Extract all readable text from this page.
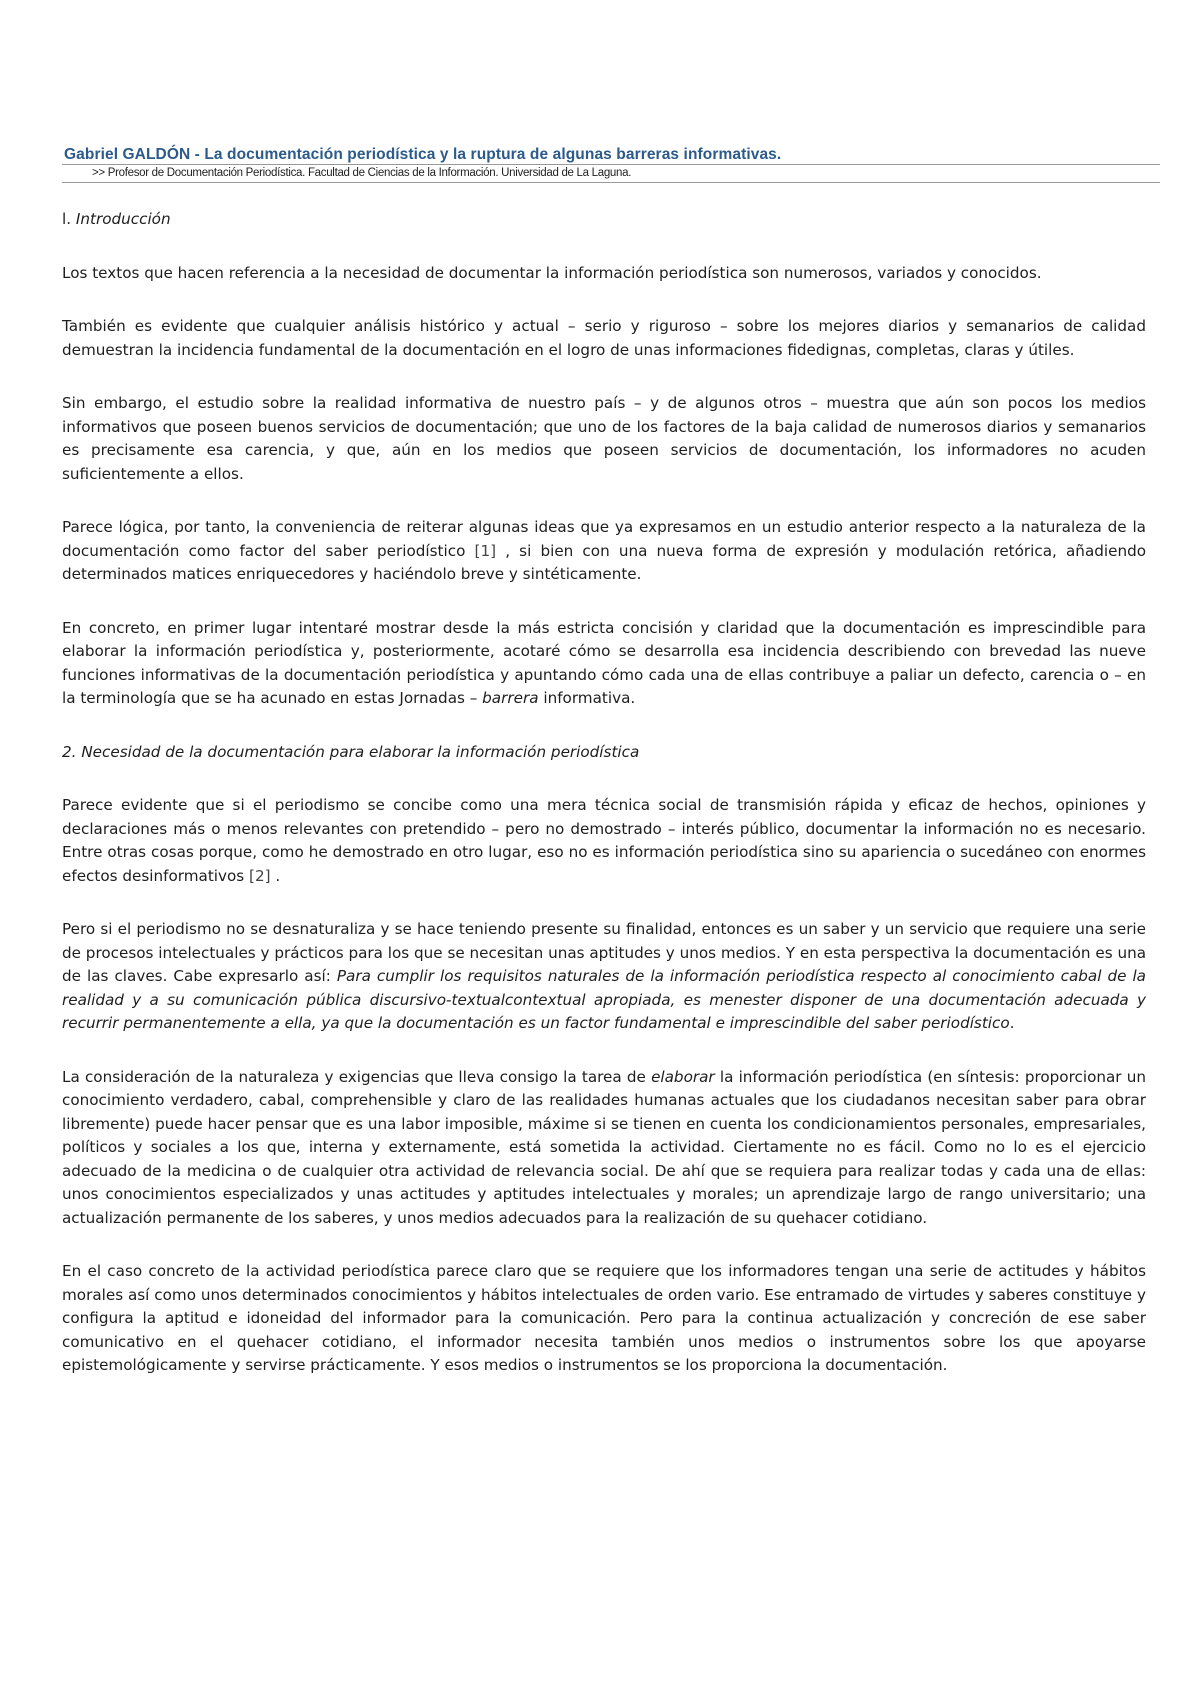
Gabriel GALDÓN - La documentación periodística y la ruptura de algunas barreras informativas.
>> Profesor de Documentación Periodística. Facultad de Ciencias de la Información. Universidad de La Laguna.
l. Introducción

Los textos que hacen referencia a la necesidad de documentar la información periodística son numerosos, variados y conocidos.

También es evidente que cualquier análisis histórico y actual – serio y riguroso – sobre los mejores diarios y semanarios de calidad demuestran la incidencia fundamental de la documentación en el logro de unas informaciones fidedignas, completas, claras y útiles.

Sin embargo, el estudio sobre la realidad informativa de nuestro país – y de algunos otros – muestra que aún son pocos los medios informativos que poseen buenos servicios de documentación; que uno de los factores de la baja calidad de numerosos diarios y semanarios es precisamente esa carencia, y que, aún en los medios que poseen servicios de documentación, los informadores no acuden suficientemente a ellos.

Parece lógica, por tanto, la conveniencia de reiterar algunas ideas que ya expresamos en un estudio anterior respecto a la naturaleza de la documentación como factor del saber periodístico [1] , si bien con una nueva forma de expresión y modulación retórica, añadiendo determinados matices enriquecedores y haciéndolo breve y sintéticamente.

En concreto, en primer lugar intentaré mostrar desde la más estricta concisión y claridad que la documentación es imprescindible para elaborar la información periodística y, posteriormente, acotaré cómo se desarrolla esa incidencia describiendo con brevedad las nueve funciones informativas de la documentación periodística y apuntando cómo cada una de ellas contribuye a paliar un defecto, carencia o – en la terminología que se ha acunado en estas Jornadas – barrera informativa.

2. Necesidad de la documentación para elaborar la información periodística

Parece evidente que si el periodismo se concibe como una mera técnica social de transmisión rápida y eficaz de hechos, opiniones y declaraciones más o menos relevantes con pretendido – pero no demostrado – interés público, documentar la información no es necesario. Entre otras cosas porque, como he demostrado en otro lugar, eso no es información periodística sino su apariencia o sucedáneo con enormes efectos desinformativos [2] .

Pero si el periodismo no se desnaturaliza y se hace teniendo presente su finalidad, entonces es un saber y un servicio que requiere una serie de procesos intelectuales y prácticos para los que se necesitan unas aptitudes y unos medios. Y en esta perspectiva la documentación es una de las claves. Cabe expresarlo así: Para cumplir los requisitos naturales de la información periodística respecto al conocimiento cabal de la realidad y a su comunicación pública discursivo-textualcontextual apropiada, es menester disponer de una documentación adecuada y recurrir permanentemente a ella, ya que la documentación es un factor fundamental e imprescindible del saber periodístico.

La consideración de la naturaleza y exigencias que lleva consigo la tarea de elaborar la información periodística (en síntesis: proporcionar un conocimiento verdadero, cabal, comprehensible y claro de las realidades humanas actuales que los ciudadanos necesitan saber para obrar libremente) puede hacer pensar que es una labor imposible, máxime si se tienen en cuenta los condicionamientos personales, empresariales, políticos y sociales a los que, interna y externamente, está sometida la actividad. Ciertamente no es fácil. Como no lo es el ejercicio adecuado de la medicina o de cualquier otra actividad de relevancia social. De ahí que se requiera para realizar todas y cada una de ellas: unos conocimientos especializados y unas actitudes y aptitudes intelectuales y morales; un aprendizaje largo de rango universitario; una actualización permanente de los saberes, y unos medios adecuados para la realización de su quehacer cotidiano.

En el caso concreto de la actividad periodística parece claro que se requiere que los informadores tengan una serie de actitudes y hábitos morales así como unos determinados conocimientos y hábitos intelectuales de orden vario. Ese entramado de virtudes y saberes constituye y configura la aptitud e idoneidad del informador para la comunicación. Pero para la continua actualización y concreción de ese saber comunicativo en el quehacer cotidiano, el informador necesita también unos medios o instrumentos sobre los que apoyarse epistemológicamente y servirse prácticamente. Y esos medios o instrumentos se los proporciona la documentación.
